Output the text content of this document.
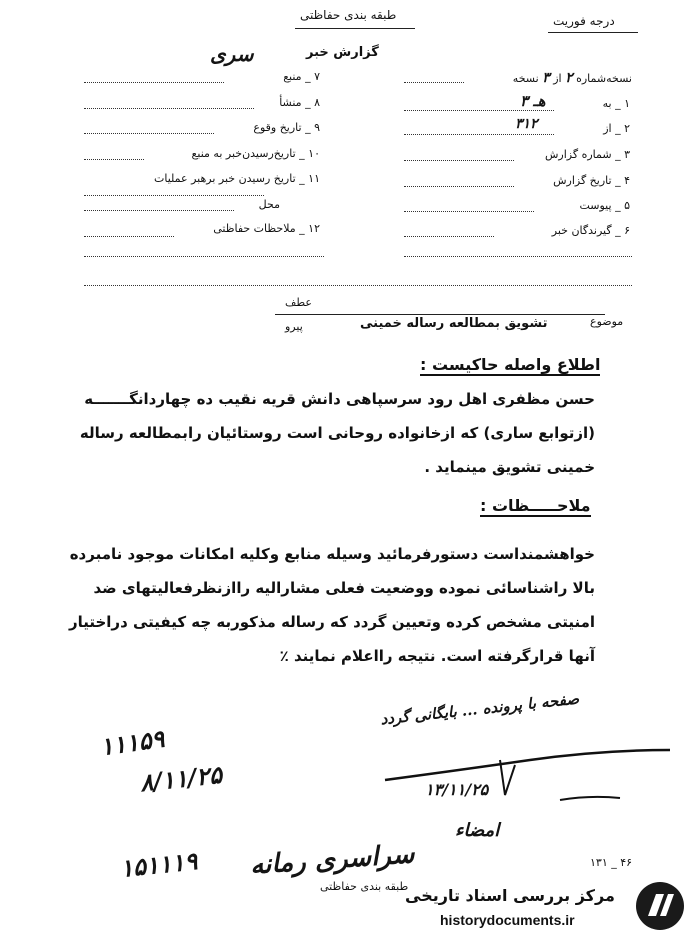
طبقه بندی حفاظتی	درجه فوریت
گزارش خبر
سری
۷ _ منبع
۸ _ منشأ
۹ _ تاریخ وقوع
۱۰ _ تاریخ‌رسیدن‌خبر به منبع
۱۱ _ تاریخ رسیدن خبر برهبر عملیات
محل
۱۲ _ ملاحظات حفاظتی
نسخه‌شماره ۲ از ۳ نسخه
۱ _ به
۳ هـ
۲ _ از
۳۱۲
۳ _ شماره گزارش
۴ _ تاریخ گزارش
۵ _ پیوست
۶ _ گیرندگان خبر
عطف
پیرو	موضوع
تشویق بمطالعه رساله خمینی
اطلاع واصله حاکیست :
حسن مظفری اهل رود سرسپاهی دانش قریه نقیب ده چهاردانگـــــــه
(ازتوابع ساری) که ازخانواده روحانی است روستائیان رابمطالعه رساله
خمینی تشویق مینماید .
ملاحـــــظات :
خواهشمنداست دستورفرمائید وسیله منابع وکلیه امکانات موجود نامبرده
بالا راشناسائی نموده ووضعیت فعلی مشارالیه راازنظرفعالیتهای ضد
امنیتی مشخص کرده وتعیین گردد که رساله مذکوربه چه کیفیتی دراختیار
آنها قرارگرفته است. نتیجه رااعلام نمایند ٪
صفحه با پرونده ... بایگانی گردد
۱۱۱۵۹
۸/۱۱/۲۵	۱۳/۱۱/۲۵
امضاء
۱۵۱۱۱۹ سراسری رمانه	۱۳۱ _ ۴۶
طبقه بندی حفاظتی
مرکز بررسی اسناد تاریخی
historydocuments.ir
